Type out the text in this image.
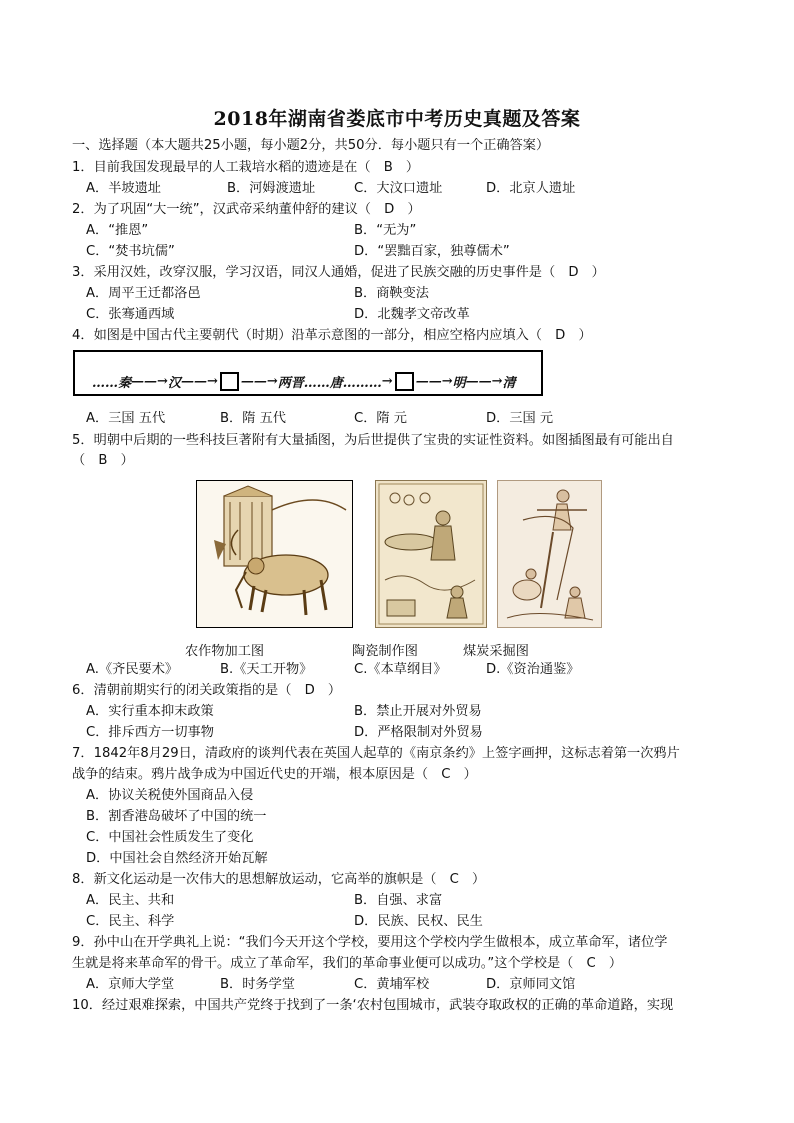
2018年湖南省娄底市中考历史真题及答案
一、选择题（本大题共25小题，每小题2分，共50分．每小题只有一个正确答案）
1．目前我国发现最早的人工栽培水稻的遗迹是在（　B　）
A．半坡遗址	B．河姆渡遗址	C．大汶口遗址	D．北京人遗址
2．为了巩固“大一统”，汉武帝采纳董仲舒的建议（　D　）
A．“推恩”	B．“无为”
C．“焚书坑儒”	D．“罢黜百家，独尊儒术”
3．采用汉姓，改穿汉服，学习汉语，同汉人通婚，促进了民族交融的历史事件是（　D　）
A．周平王迁都洛邑	B．商鞅变法
C．张骞通西域	D．北魏孝文帝改革
4．如图是中国古代主要朝代（时期）沿革示意图的一部分，相应空格内应填入（　D　）
……秦 ——→ 汉 ——→ ——→ 两晋…… 唐……… → ——→ 明 ——→ 清
A．三国 五代	B．隋 五代	C．隋 元	D．三国 元
5．明朝中后期的一些科技巨著附有大量插图，为后世提供了宝贵的实证性资料。如图插图最有可能出自
（　B　）
农作物加工图	陶瓷制作图	煤炭采掘图
A.《齐民要术》	B.《天工开物》	C.《本草纲目》	D.《资治通鉴》
6．清朝前期实行的闭关政策指的是（　D　）
A．实行重本抑末政策	B．禁止开展对外贸易
C．排斥西方一切事物	D．严格限制对外贸易
7．1842年8月29日，清政府的谈判代表在英国人起草的《南京条约》上签字画押，这标志着第一次鸦片
战争的结束。鸦片战争成为中国近代史的开端，根本原因是（　C　）
A．协议关税使外国商品入侵
B．割香港岛破坏了中国的统一
C．中国社会性质发生了变化
D．中国社会自然经济开始瓦解
8．新文化运动是一次伟大的思想解放运动，它高举的旗帜是（　C　）
A．民主、共和	B．自强、求富
C．民主、科学	D．民族、民权、民生
9．孙中山在开学典礼上说：“我们今天开这个学校，要用这个学校内学生做根本，成立革命军，诸位学
生就是将来革命军的骨干。成立了革命军，我们的革命事业便可以成功。”这个学校是（　C　）
A．京师大学堂	B．时务学堂	C．黄埔军校	D．京师同文馆
10．经过艰难探索，中国共产党终于找到了一条‘农村包围城市，武装夺取政权的正确的革命道路，实现
